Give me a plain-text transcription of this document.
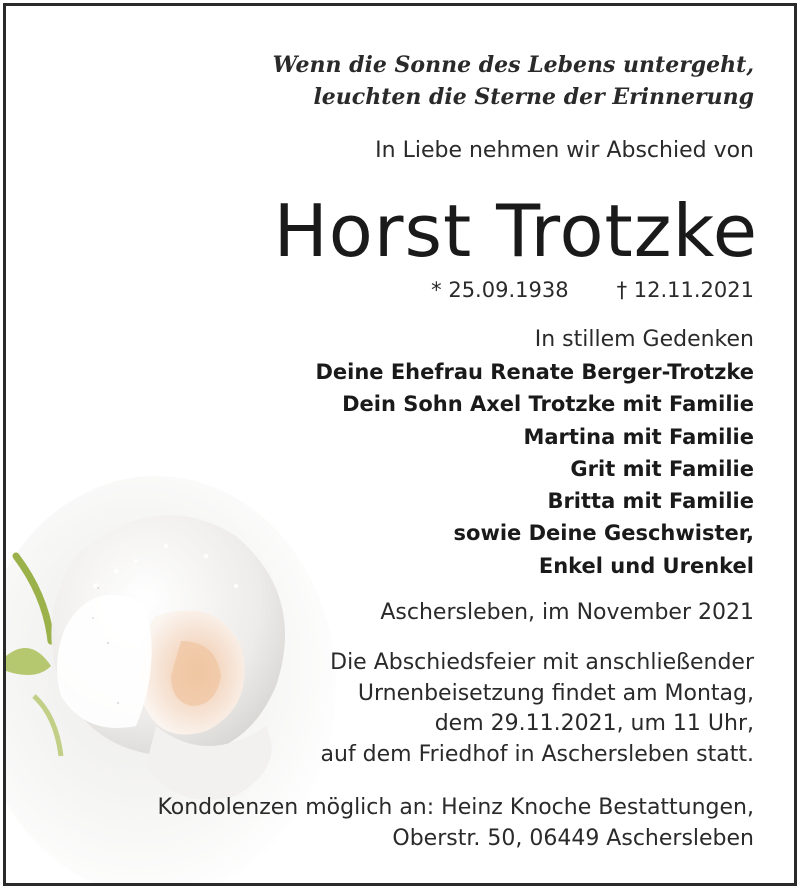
Wenn die Sonne des Lebens untergeht,
leuchten die Sterne der Erinnerung
In Liebe nehmen wir Abschied von
Horst Trotzke
* 25.09.1938 † 12.11.2021
In stillem Gedenken
Deine Ehefrau Renate Berger-Trotzke
Dein Sohn Axel Trotzke mit Familie
Martina mit Familie
Grit mit Familie
Britta mit Familie
sowie Deine Geschwister,
Enkel und Urenkel
Aschersleben, im November 2021
Die Abschiedsfeier mit anschließender
Urnenbeisetzung findet am Montag,
dem 29.11.2021, um 11 Uhr,
auf dem Friedhof in Aschersleben statt.
Kondolenzen möglich an: Heinz Knoche Bestattungen,
Oberstr. 50, 06449 Aschersleben
